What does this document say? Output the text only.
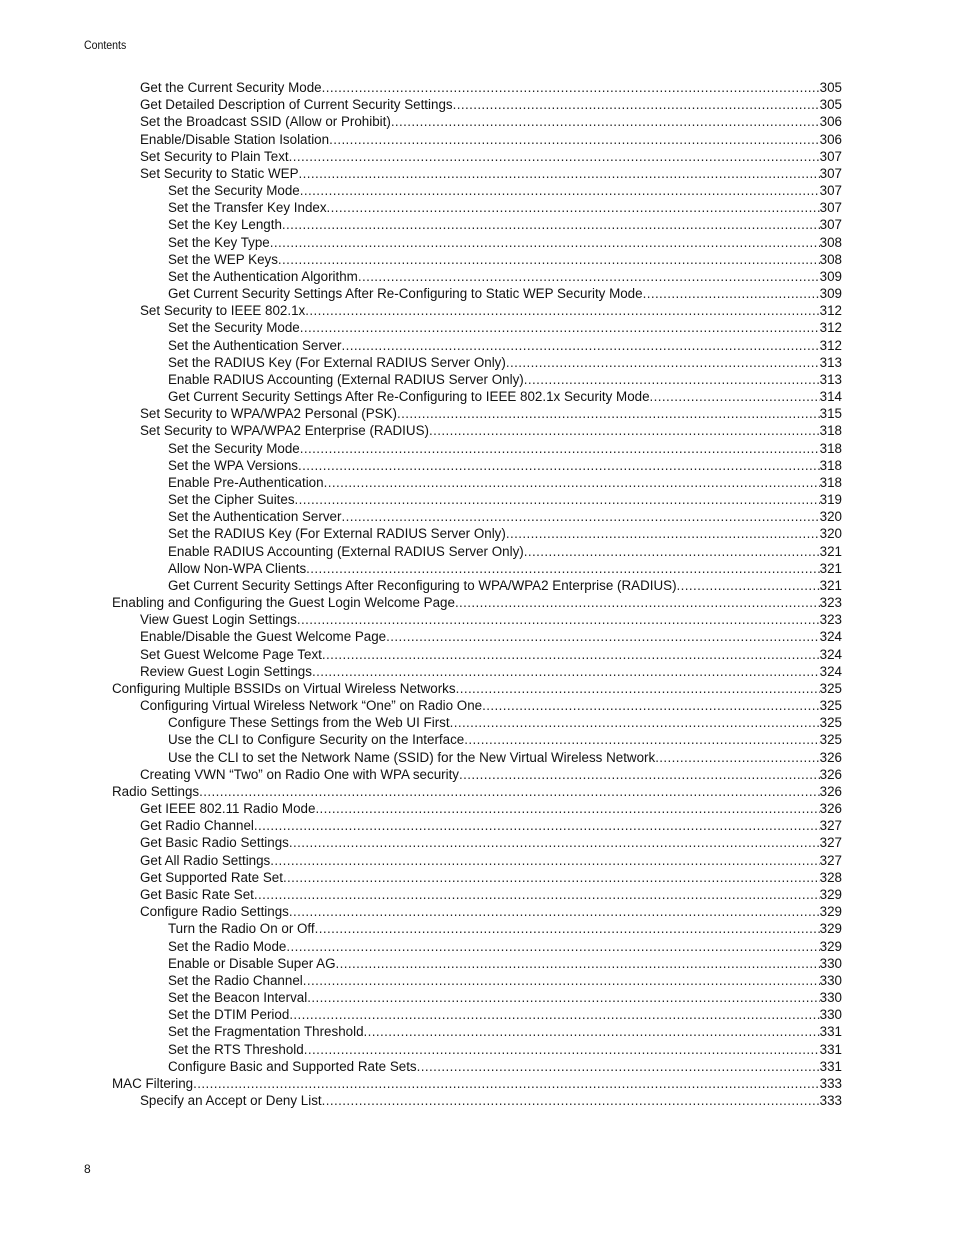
Contents
Get the Current Security Mode .....	305
Get Detailed Description of Current Security Settings .....	305
Set the Broadcast SSID (Allow or Prohibit) .....	306
Enable/Disable Station Isolation .....	306
Set Security to Plain Text .....	307
Set Security to Static WEP .....	307
Set the Security Mode .....	307
Set the Transfer Key Index .....	307
Set the Key Length .....	307
Set the Key Type .....	308
Set the WEP Keys .....	308
Set the Authentication Algorithm .....	309
Get Current Security Settings After Re-Configuring to Static WEP Security Mode .....	309
Set Security to IEEE 802.1x .....	312
Set the Security Mode .....	312
Set the Authentication Server .....	312
Set the RADIUS Key (For External RADIUS Server Only) .....	313
Enable RADIUS Accounting (External RADIUS Server Only) .....	313
Get Current Security Settings After Re-Configuring to IEEE 802.1x Security Mode .....	314
Set Security to WPA/WPA2 Personal (PSK) .....	315
Set Security to WPA/WPA2 Enterprise (RADIUS) .....	318
Set the Security Mode .....	318
Set the WPA Versions .....	318
Enable Pre-Authentication .....	318
Set the Cipher Suites .....	319
Set the Authentication Server .....	320
Set the RADIUS Key (For External RADIUS Server Only) .....	320
Enable RADIUS Accounting (External RADIUS Server Only) .....	321
Allow Non-WPA Clients .....	321
Get Current Security Settings After Reconfiguring to WPA/WPA2 Enterprise (RADIUS) .....	321
Enabling and Configuring the Guest Login Welcome Page .....	323
View Guest Login Settings .....	323
Enable/Disable the Guest Welcome Page .....	324
Set Guest Welcome Page Text .....	324
Review Guest Login Settings .....	324
Configuring Multiple BSSIDs on Virtual Wireless Networks .....	325
Configuring Virtual Wireless Network “One” on Radio One .....	325
Configure These Settings from the Web UI First .....	325
Use the CLI to Configure Security on the Interface .....	325
Use the CLI to set the Network Name (SSID) for the New Virtual Wireless Network .....	326
Creating VWN “Two” on Radio One with WPA security .....	326
Radio Settings .....	326
Get IEEE 802.11 Radio Mode .....	326
Get Radio Channel .....	327
Get Basic Radio Settings .....	327
Get All Radio Settings .....	327
Get Supported Rate Set .....	328
Get Basic Rate Set .....	329
Configure Radio Settings .....	329
Turn the Radio On or Off .....	329
Set the Radio Mode .....	329
Enable or Disable Super AG .....	330
Set the Radio Channel .....	330
Set the Beacon Interval .....	330
Set the DTIM Period .....	330
Set the Fragmentation Threshold .....	331
Set the RTS Threshold .....	331
Configure Basic and Supported Rate Sets .....	331
MAC Filtering .....	333
Specify an Accept or Deny List .....	333
8
